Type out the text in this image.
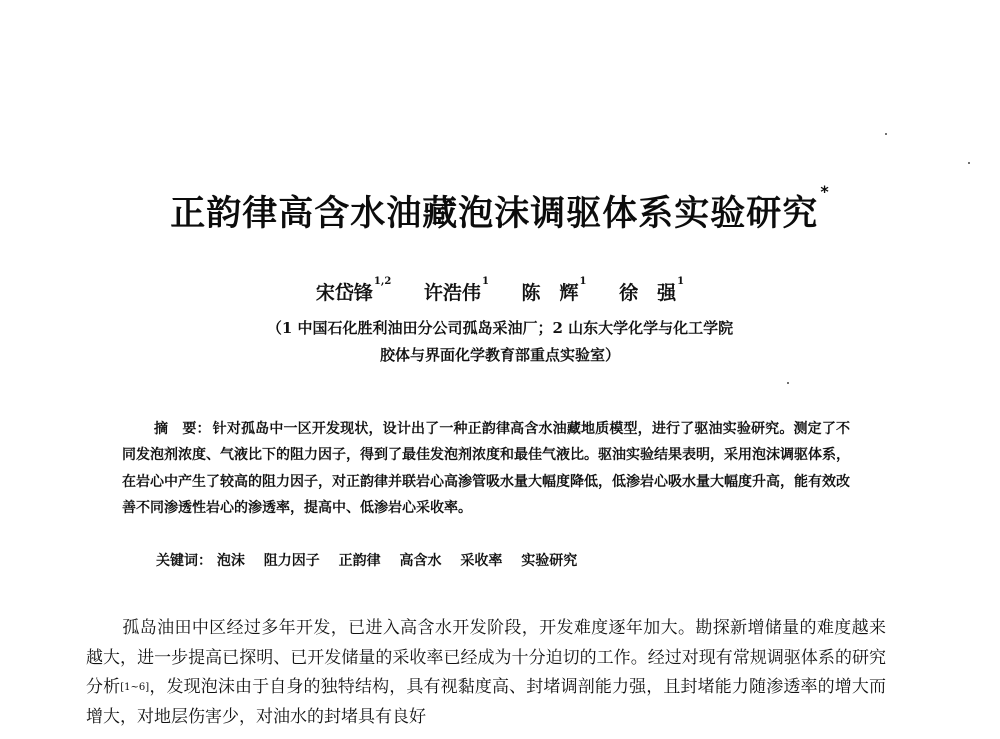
正韵律高含水油藏泡沫调驱体系实验研究*
宋岱锋$^{1,2}$ 许浩伟$^1$ 陈　辉$^1$ 徐　强$^1$
（1 中国石化胜利油田分公司孤岛采油厂；2 山东大学化学与化工学院
胶体与界面化学教育部重点实验室）
摘　要： 针对孤岛中一区开发现状，设计出了一种正韵律高含水油藏地质模型，进行了驱油实验研究。测定了不同发泡剂浓度、气液比下的阻力因子，得到了最佳发泡剂浓度和最佳气液比。驱油实验结果表明，采用泡沫调驱体系，在岩心中产生了较高的阻力因子，对正韵律并联岩心高渗管吸水量大幅度降低，低渗岩心吸水量大幅度升高，能有效改善不同渗透性岩心的渗透率，提高中、低渗岩心采收率。
关键词： 泡沫 阻力因子 正韵律 高含水 采收率 实验研究
孤岛油田中区经过多年开发，已进入高含水开发阶段，开发难度逐年加大。勘探新增储量的难度越来越大，进一步提高已探明、已开发储量的采收率已经成为十分迫切的工作。经过对现有常规调驱体系的研究分析[1~6]，发现泡沫由于自身的独特结构，具有视黏度高、封堵调剖能力强，且封堵能力随渗透率的增大而增大，对地层伤害少，对油水的封堵具有良好
